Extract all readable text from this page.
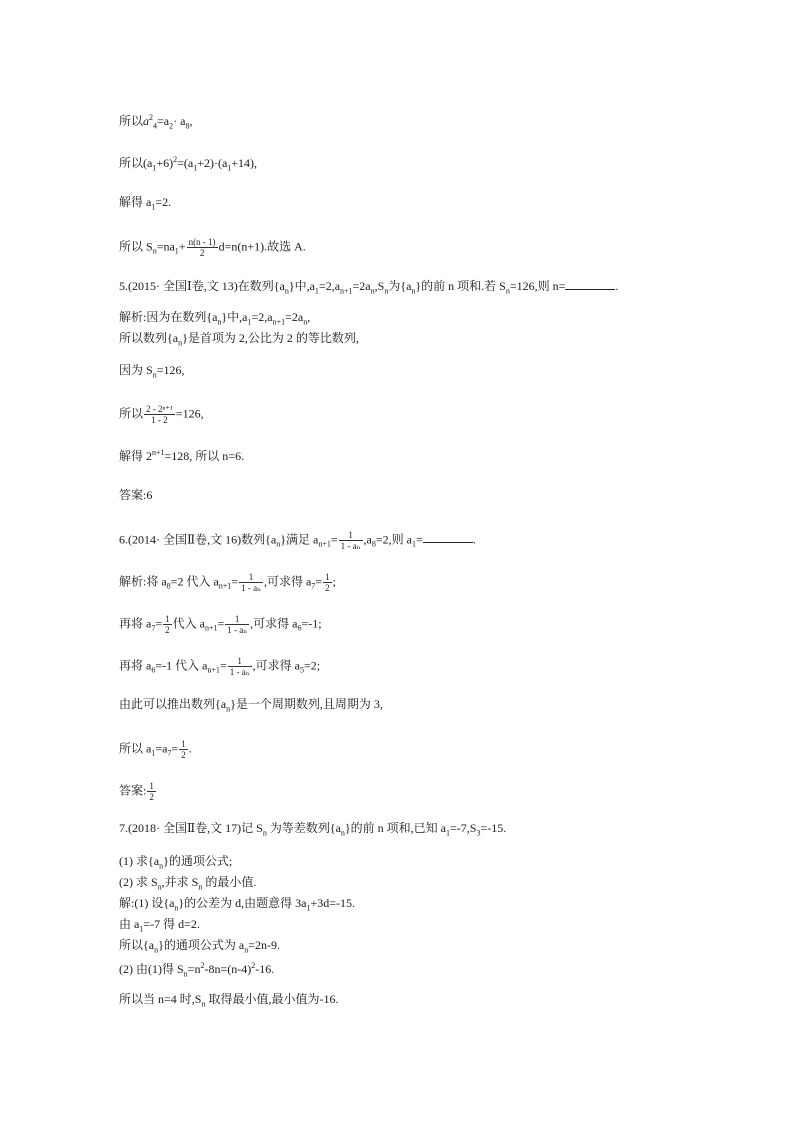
所以$a^2_4=a_2\cdot a_8$,
所以$(a_1+6)^2=(a_1+2)\cdot(a_1+14)$,
解得 $a_1=2$.
所以 $S_n=na_1+ \frac{n(n - 1)}{2} d=n(n+1)$.故选 A.
5.(2015· 全国Ⅰ卷,文 13)在数列$\{a_n\}$中$,a_1=2,a_{n+1}=2a_n,S_n$为$\{a_n\}$的前 n 项和.若 $S_n=126$,则 n=	.
解析:因为在数列$\{a_n\}$中$,a_1=2,a_{n+1}=2a_n$,
所以数列$\{a_n\}$是首项为 2,公比为 2 的等比数列,
因为 $S_n=126$,
所以 $\frac{\text{2 - 2ⁿ⁺¹}}{1 - 2} =126$,
解得 $2^{n+1}=128$, 所以 n=6.
答案:6
6.(2014· 全国Ⅱ卷,文 16)数列$\{a_n\}$满足 $a_{n+1}= \frac{1}{\text{1 - aₙ}} ,a_8=2$,则 $a_1=$	.
解析:将 $a_8=2$ 代入 $a_{n+1}= \frac{1}{\text{1 - aₙ}}$ ,可求得 $a_7= \frac{1}{2}$ ;
再将 $a_7= \frac{1}{2}$ 代入 $a_{n+1}= \frac{1}{\text{1 - aₙ}}$ ,可求得 $a_6=-1$;
再将 $a_6=-1$ 代入 $a_{n+1}= \frac{1}{\text{1 - aₙ}}$ ,可求得 $a_5=2$;
由此可以推出数列$\{a_n\}$是一个周期数列,且周期为 3,
所以 $a_1=a_7= \frac{1}{2}$ .
答案: $\frac{1}{2}$
7.(2018· 全国Ⅱ卷,文 17)记 $S_n$ 为等差数列$\{a_n\}$的前 n 项和,已知 $a_1=-7,S_3=-15$.
(1) 求$\{a_n\}$的通项公式;
(2) 求 $S_n$,并求 $S_n$ 的最小值.
解:(1) 设$\{a_n\}$的公差为 d,由题意得 $3a_1+3d=-15$.
由 $a_1=-7$ 得 d=2.
所以$\{a_n\}$的通项公式为 $a_n=2n-9$.
(2) 由(1)得 $S_n=n^2-8n=(n-4)^2-16$.
所以当 n=4 时$,S_n$ 取得最小值,最小值为-16.
